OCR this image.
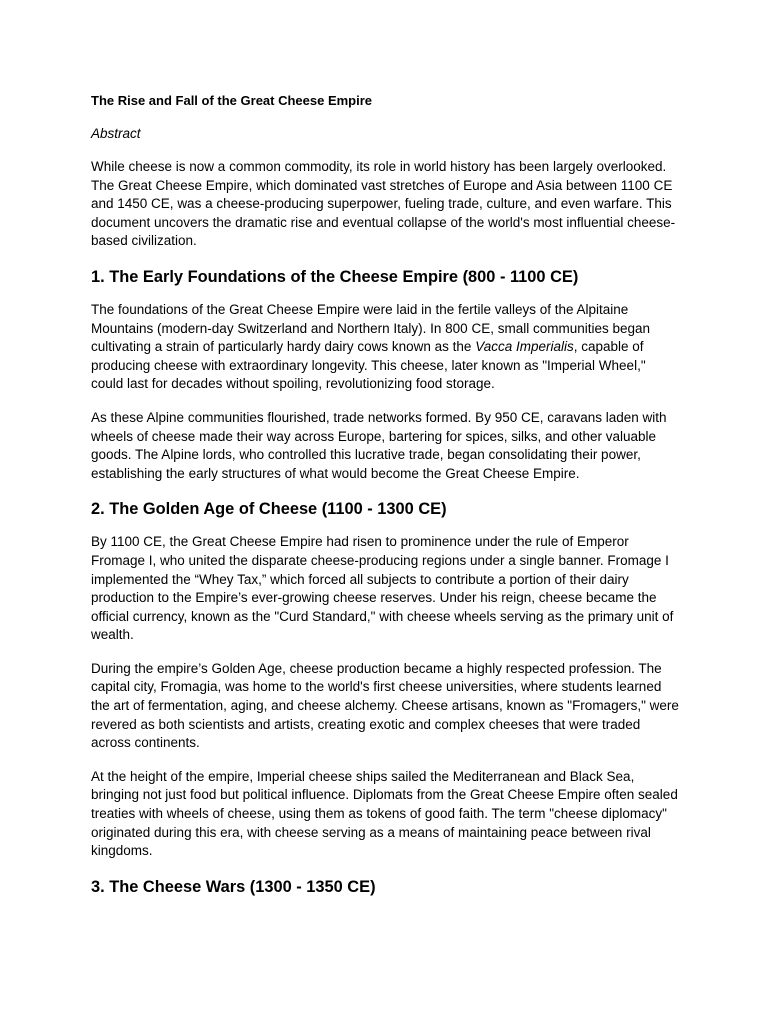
The Rise and Fall of the Great Cheese Empire
Abstract

While cheese is now a common commodity, its role in world history has been largely overlooked. The Great Cheese Empire, which dominated vast stretches of Europe and Asia between 1100 CE and 1450 CE, was a cheese-producing superpower, fueling trade, culture, and even warfare. This document uncovers the dramatic rise and eventual collapse of the world's most influential cheese-based civilization.

1. The Early Foundations of the Cheese Empire (800 - 1100 CE)

The foundations of the Great Cheese Empire were laid in the fertile valleys of the Alpitaine Mountains (modern-day Switzerland and Northern Italy). In 800 CE, small communities began cultivating a strain of particularly hardy dairy cows known as the Vacca Imperialis, capable of producing cheese with extraordinary longevity. This cheese, later known as "Imperial Wheel," could last for decades without spoiling, revolutionizing food storage.

As these Alpine communities flourished, trade networks formed. By 950 CE, caravans laden with wheels of cheese made their way across Europe, bartering for spices, silks, and other valuable goods. The Alpine lords, who controlled this lucrative trade, began consolidating their power, establishing the early structures of what would become the Great Cheese Empire.

2. The Golden Age of Cheese (1100 - 1300 CE)

By 1100 CE, the Great Cheese Empire had risen to prominence under the rule of Emperor Fromage I, who united the disparate cheese-producing regions under a single banner. Fromage I implemented the “Whey Tax,” which forced all subjects to contribute a portion of their dairy production to the Empire’s ever-growing cheese reserves. Under his reign, cheese became the official currency, known as the "Curd Standard," with cheese wheels serving as the primary unit of wealth.

During the empire’s Golden Age, cheese production became a highly respected profession. The capital city, Fromagia, was home to the world's first cheese universities, where students learned the art of fermentation, aging, and cheese alchemy. Cheese artisans, known as "Fromagers," were revered as both scientists and artists, creating exotic and complex cheeses that were traded across continents.

At the height of the empire, Imperial cheese ships sailed the Mediterranean and Black Sea, bringing not just food but political influence. Diplomats from the Great Cheese Empire often sealed treaties with wheels of cheese, using them as tokens of good faith. The term "cheese diplomacy" originated during this era, with cheese serving as a means of maintaining peace between rival kingdoms.

3. The Cheese Wars (1300 - 1350 CE)
